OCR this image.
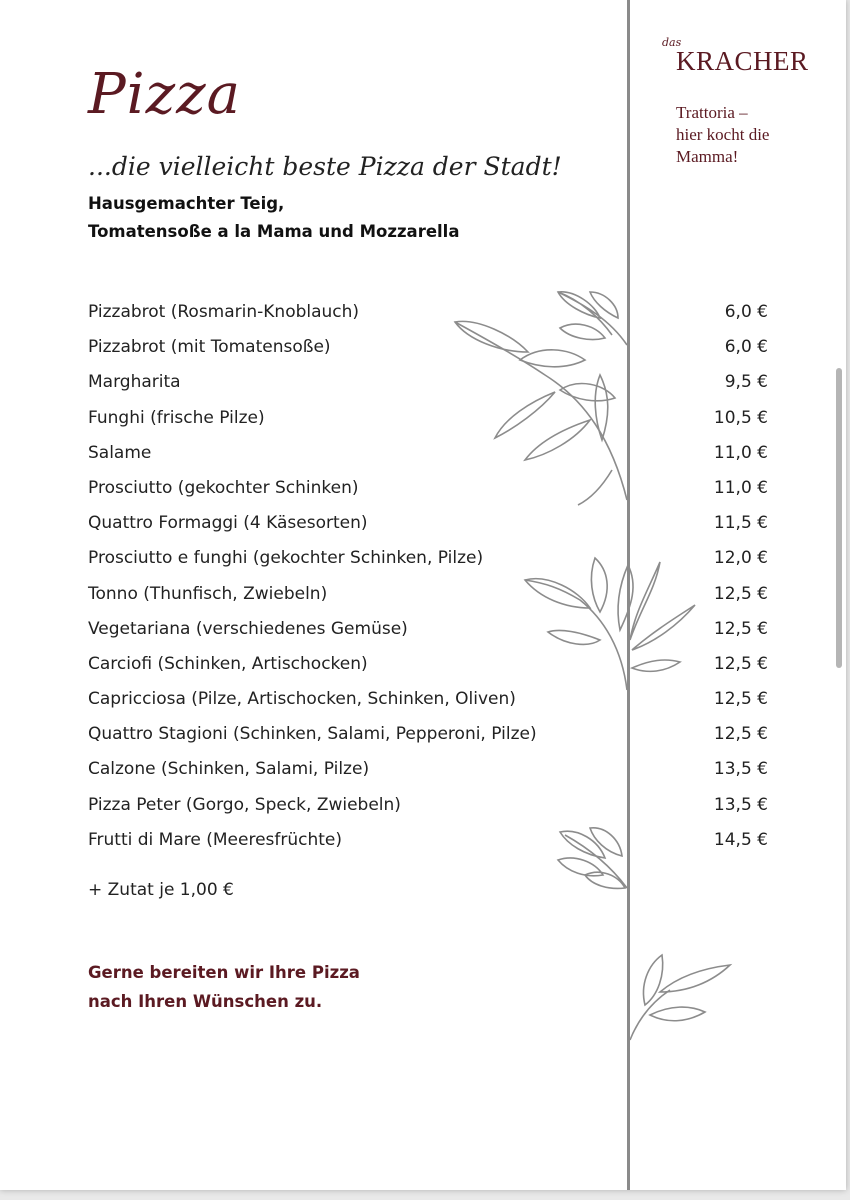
Pizza
...die vielleicht beste Pizza der Stadt!
Hausgemachter Teig,
Tomatensoße a la Mama und Mozzarella
Pizzabrot (Rosmarin-Knoblauch)	6,0 €
Pizzabrot (mit Tomatensoße)	6,0 €
Margharita	9,5 €
Funghi (frische Pilze)	10,5 €
Salame	11,0 €
Prosciutto (gekochter Schinken)	11,0 €
Quattro Formaggi (4 Käsesorten)	11,5 €
Prosciutto e funghi (gekochter Schinken, Pilze)	12,0 €
Tonno (Thunfisch, Zwiebeln)	12,5 €
Vegetariana (verschiedenes Gemüse)	12,5 €
Carciofi (Schinken, Artischocken)	12,5 €
Capricciosa (Pilze, Artischocken, Schinken, Oliven)	12,5 €
Quattro Stagioni (Schinken, Salami, Pepperoni, Pilze)	12,5 €
Calzone (Schinken, Salami, Pilze)	13,5 €
Pizza Peter (Gorgo, Speck, Zwiebeln)	13,5 €
Frutti di Mare (Meeresfrüchte)	14,5 €
+ Zutat je 1,00 €
Gerne bereiten wir Ihre Pizza
nach Ihren Wünschen zu.
das
KRACHER
Trattoria –
hier kocht die
Mamma!
